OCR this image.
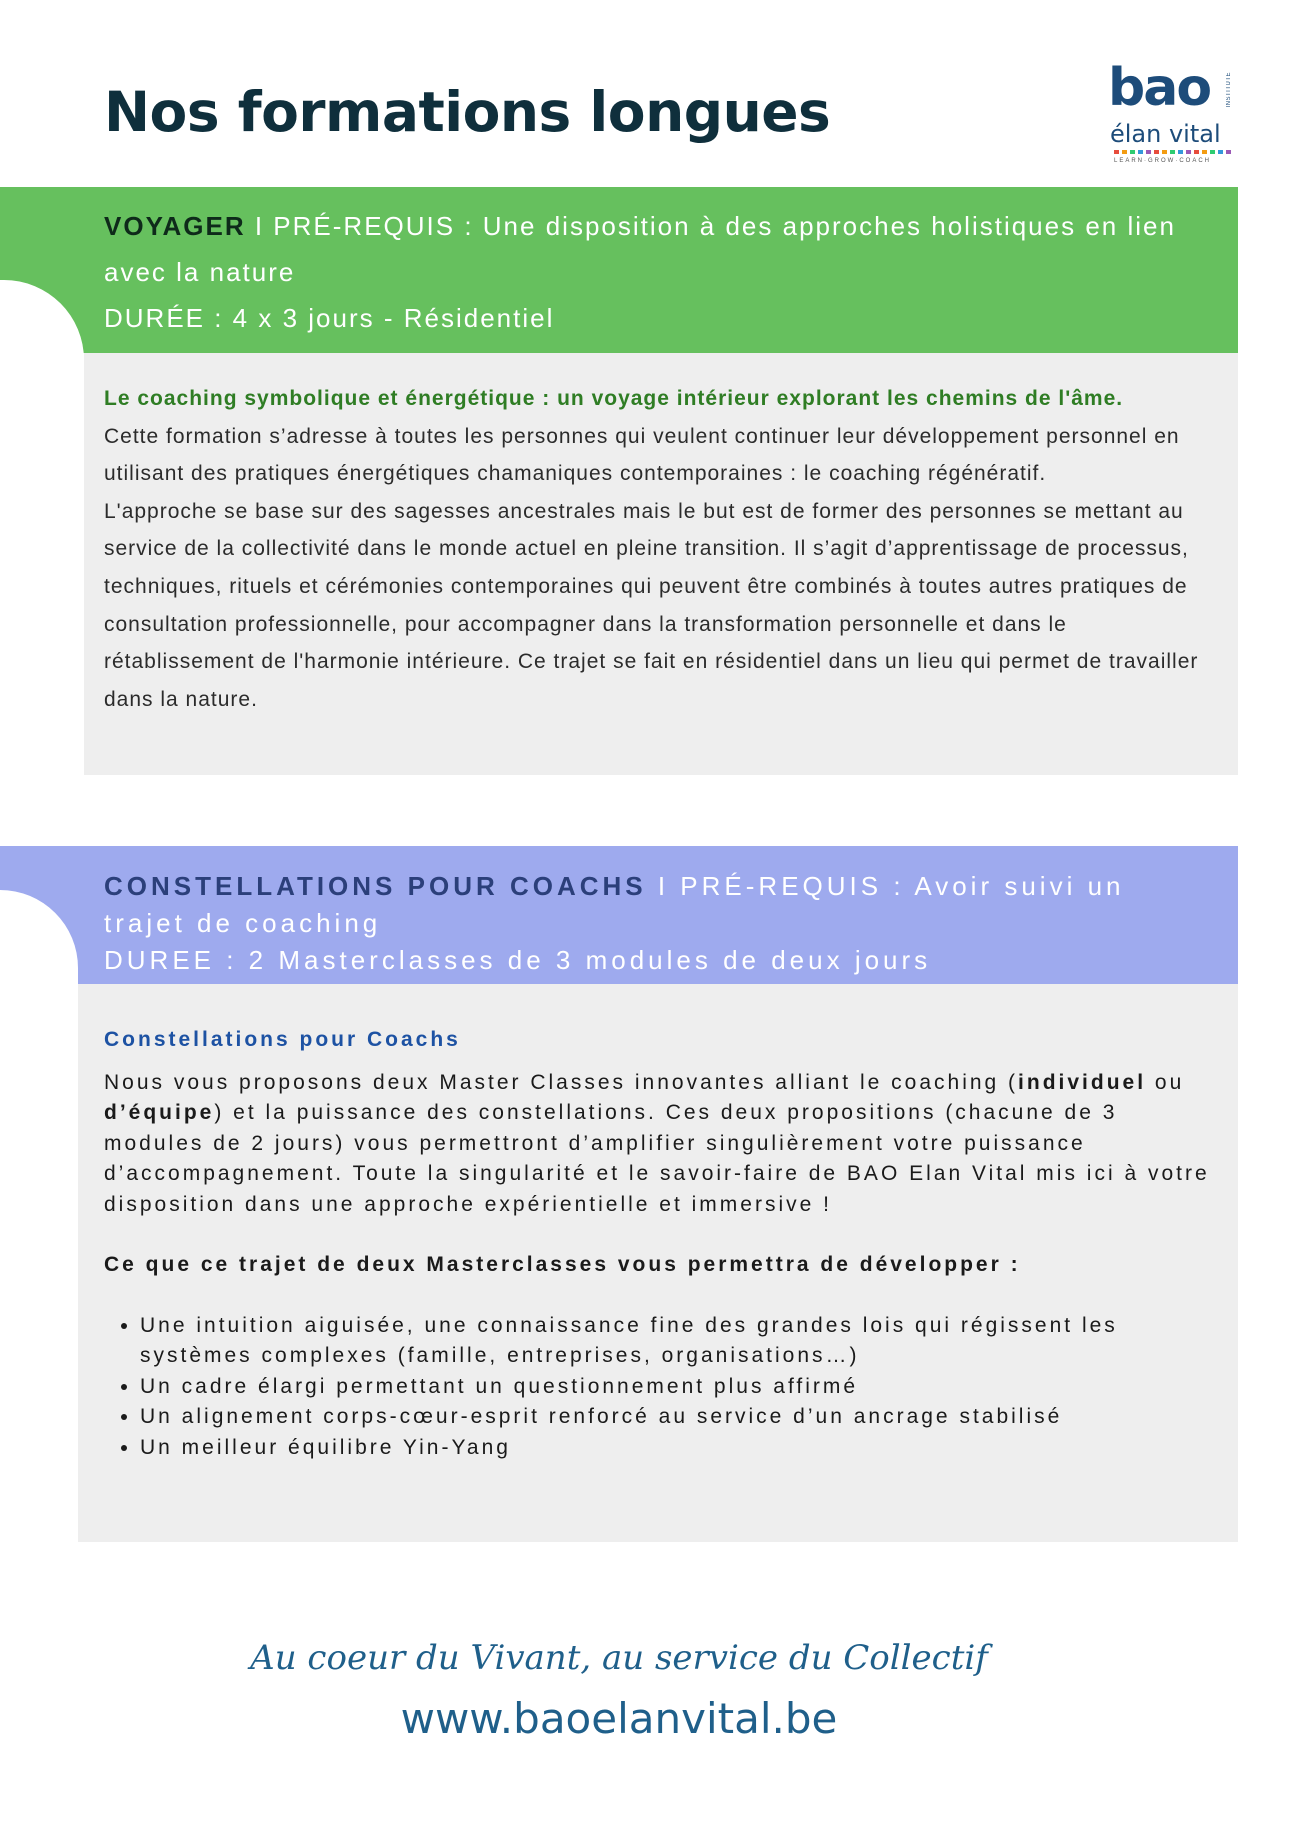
Nos formations longues	bao	INSTITUTE
élan vital
LEARN·GROW·COACH
VOYAGER I PRÉ-REQUIS : Une disposition à des approches holistiques en lien avec la nature
DURÉE : 4 x 3 jours - Résidentiel

Le coaching symbolique et énergétique : un voyage intérieur explorant les chemins de l'âme.

Cette formation s’adresse à toutes les personnes qui veulent continuer leur développement personnel en utilisant des pratiques énergétiques chamaniques contemporaines : le coaching régénératif.

L'approche se base sur des sagesses ancestrales mais le but est de former des personnes se mettant au service de la collectivité dans le monde actuel en pleine transition. Il s’agit d’apprentissage de processus, techniques, rituels et cérémonies contemporaines qui peuvent être combinés à toutes autres pratiques de consultation professionnelle, pour accompagner dans la transformation personnelle et dans le rétablissement de l'harmonie intérieure. Ce trajet se fait en résidentiel dans un lieu qui permet de travailler dans la nature.

CONSTELLATIONS POUR COACHS I PRÉ-REQUIS : Avoir suivi un trajet de coaching
DUREE : 2 Masterclasses de 3 modules de deux jours

Constellations pour Coachs

Nous vous proposons deux Master Classes innovantes alliant le coaching (individuel ou d’équipe) et la puissance des constellations. Ces deux propositions (chacune de 3 modules de 2 jours) vous permettront d’amplifier singulièrement votre puissance d’accompagnement. Toute la singularité et le savoir-faire de BAO Elan Vital mis ici à votre disposition dans une approche expérientielle et immersive !

Ce que ce trajet de deux Masterclasses vous permettra de développer :

• Une intuition aiguisée, une connaissance fine des grandes lois qui régissent les systèmes complexes (famille, entreprises, organisations…)
• Un cadre élargi permettant un questionnement plus affirmé
• Un alignement corps-cœur-esprit renforcé au service d’un ancrage stabilisé
• Un meilleur équilibre Yin-Yang
Au coeur du Vivant, au service du Collectif
www.baoelanvital.be
